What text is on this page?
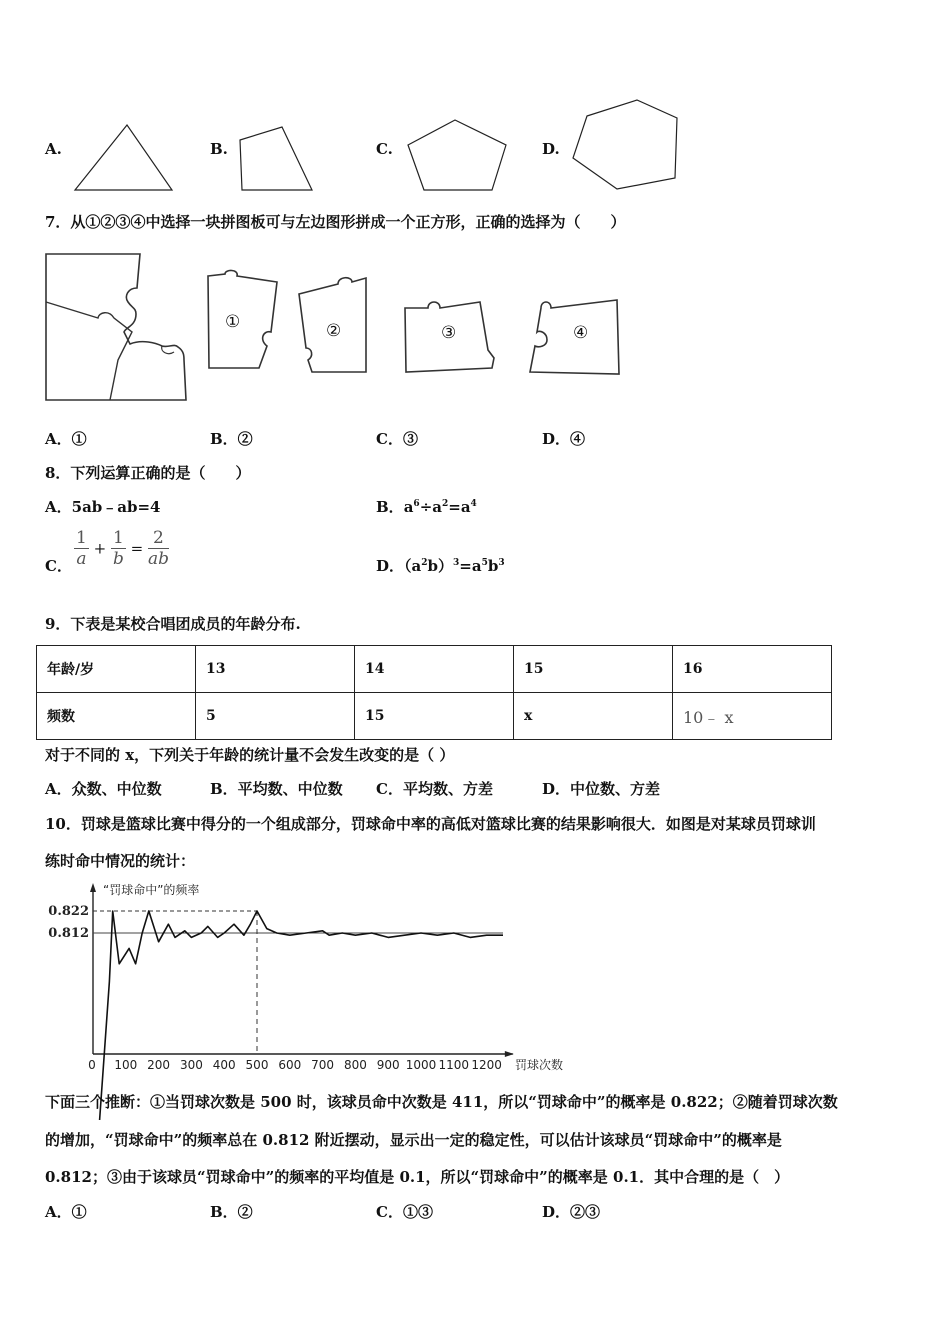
A.	B.	C.	D.
7．从①②③④中选择一块拼图板可与左边图形拼成一个正方形，正确的选择为（　　）
①	②	③	④
A．①	B．②	C．③	D．④
8．下列运算正确的是（　　）
A．5ab﹣ab=4	B．$a^6\div a^2=a^4$
C． $\frac{1}{a} + \frac{1}{b} = \frac{2}{ab}$	D．$(a^2b)^3=a^5b^3$
9．下表是某校合唱团成员的年龄分布.
年龄/岁	13	14	15	16
频数	5	15	x	10﹣ x
对于不同的 x，下列关于年龄的统计量不会发生改变的是（ ）
A．众数、中位数	B．平均数、中位数 C．平均数、方差	D．中位数、方差
10．罚球是篮球比赛中得分的一个组成部分，罚球命中率的高低对篮球比赛的结果影响很大．如图是对某球员罚球训
练时命中情况的统计：
0.822
0.812
“罚球命中”的频率
0 100 200 300 400 500 600 700 800 900 1000 1100 1200 罚球次数
下面三个推断：①当罚球次数是 500 时，该球员命中次数是 411，所以“罚球命中”的概率是 0.822；②随着罚球次数
的增加，“罚球命中”的频率总在 0.812 附近摆动，显示出一定的稳定性，可以估计该球员“罚球命中”的概率是
0.812；③由于该球员“罚球命中”的频率的平均值是 0.1，所以“罚球命中”的概率是 0.1．其中合理的是（　）
A．①	B．②	C．①③	D．②③
